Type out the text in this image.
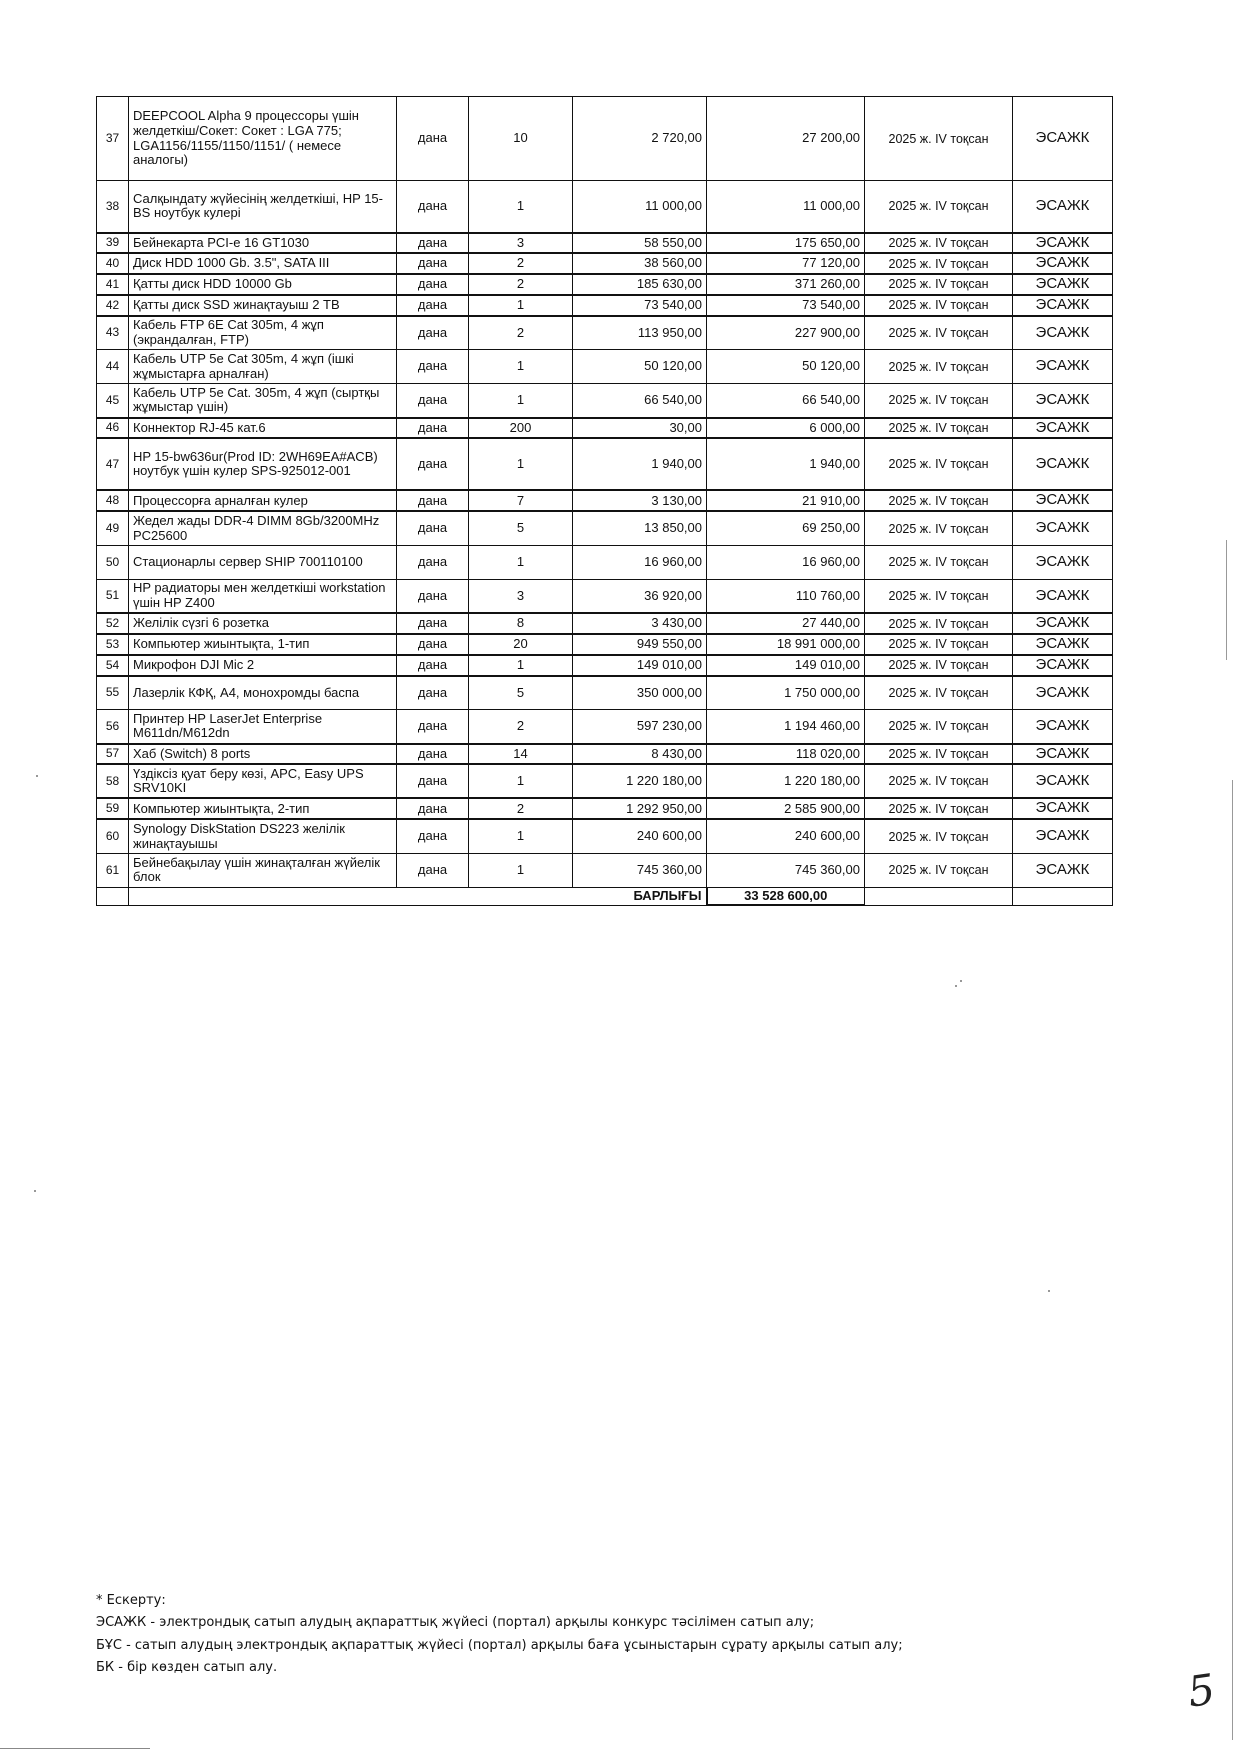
37	DEEPCOOL Alpha 9 процессоры үшін желдеткіш/Сокет: Сокет : LGA 775; LGA1156/1155/1150/1151/ ( немесе аналогы)	дана	10	2 720,00	27 200,00	2025 ж. IV тоқсан	ЭСАЖК
38	Салқындату жүйесінің желдеткіші, HP 15-BS ноутбук кулері	дана	1	11 000,00	11 000,00	2025 ж. IV тоқсан	ЭСАЖК
39	Бейнекарта PCI-e 16 GT1030	дана	3	58 550,00	175 650,00	2025 ж. IV тоқсан	ЭСАЖК
40	Диск HDD 1000 Gb. 3.5", SATA III	дана	2	38 560,00	77 120,00	2025 ж. IV тоқсан	ЭСАЖК
41	Қатты диск HDD 10000 Gb	дана	2	185 630,00	371 260,00	2025 ж. IV тоқсан	ЭСАЖК
42	Қатты диск SSD жинақтауыш 2 TB	дана	1	73 540,00	73 540,00	2025 ж. IV тоқсан	ЭСАЖК
43	Кабель FTP 6E Cat 305m, 4 жұп (экрандалған, FTP)	дана	2	113 950,00	227 900,00	2025 ж. IV тоқсан	ЭСАЖК
44	Кабель UTP 5e Cat 305m, 4 жұп (ішкі жұмыстарға арналған)	дана	1	50 120,00	50 120,00	2025 ж. IV тоқсан	ЭСАЖК
45	Кабель UTP 5e Cat. 305m, 4 жұп (сыртқы жұмыстар үшін)	дана	1	66 540,00	66 540,00	2025 ж. IV тоқсан	ЭСАЖК
46	Коннектор RJ-45 кат.6	дана	200	30,00	6 000,00	2025 ж. IV тоқсан	ЭСАЖК
47	HP 15-bw636ur(Prod ID: 2WH69EA#ACB) ноутбук үшін кулер SPS-925012-001	дана	1	1 940,00	1 940,00	2025 ж. IV тоқсан	ЭСАЖК
48	Процессорға арналған кулер	дана	7	3 130,00	21 910,00	2025 ж. IV тоқсан	ЭСАЖК
49	Жедел жады DDR-4 DIMM 8Gb/3200MHz PC25600	дана	5	13 850,00	69 250,00	2025 ж. IV тоқсан	ЭСАЖК
50	Стационарлы сервер SHIP 700110100	дана	1	16 960,00	16 960,00	2025 ж. IV тоқсан	ЭСАЖК
51	HP радиаторы мен желдеткіші workstation үшін HP Z400	дана	3	36 920,00	110 760,00	2025 ж. IV тоқсан	ЭСАЖК
52	Желілік сүзгі 6 розетка	дана	8	3 430,00	27 440,00	2025 ж. IV тоқсан	ЭСАЖК
53	Компьютер жиынтықта, 1-тип	дана	20	949 550,00	18 991 000,00	2025 ж. IV тоқсан	ЭСАЖК
54	Микрофон DJI Mic 2	дана	1	149 010,00	149 010,00	2025 ж. IV тоқсан	ЭСАЖК
55	Лазерлік КФҚ, А4, монохромды баспа	дана	5	350 000,00	1 750 000,00	2025 ж. IV тоқсан	ЭСАЖК
56	Принтер HP LaserJet Enterprise M611dn/M612dn	дана	2	597 230,00	1 194 460,00	2025 ж. IV тоқсан	ЭСАЖК
57	Хаб (Switch) 8 ports	дана	14	8 430,00	118 020,00	2025 ж. IV тоқсан	ЭСАЖК
58	Үздіксіз қуат беру көзі, APC, Easy UPS SRV10KI	дана	1	1 220 180,00	1 220 180,00	2025 ж. IV тоқсан	ЭСАЖК
59	Компьютер жиынтықта, 2-тип	дана	2	1 292 950,00	2 585 900,00	2025 ж. IV тоқсан	ЭСАЖК
60	Synology DiskStation DS223 желілік жинақтауышы	дана	1	240 600,00	240 600,00	2025 ж. IV тоқсан	ЭСАЖК
61	Бейнебақылау үшін жинақталған жүйелік блок	дана	1	745 360,00	745 360,00	2025 ж. IV тоқсан	ЭСАЖК
	БАРЛЫҒЫ				33 528 600,00		
* Ескерту:
ЭСАЖК - электрондық сатып алудың ақпараттық жүйесі (портал) арқылы конкурс тәсілімен сатып алу;
БҰС - сатып алудың электрондық ақпараттық жүйесі (портал) арқылы баға ұсыныстарын сұрату арқылы сатып алу;
БК - бір көзден сатып алу.	5
